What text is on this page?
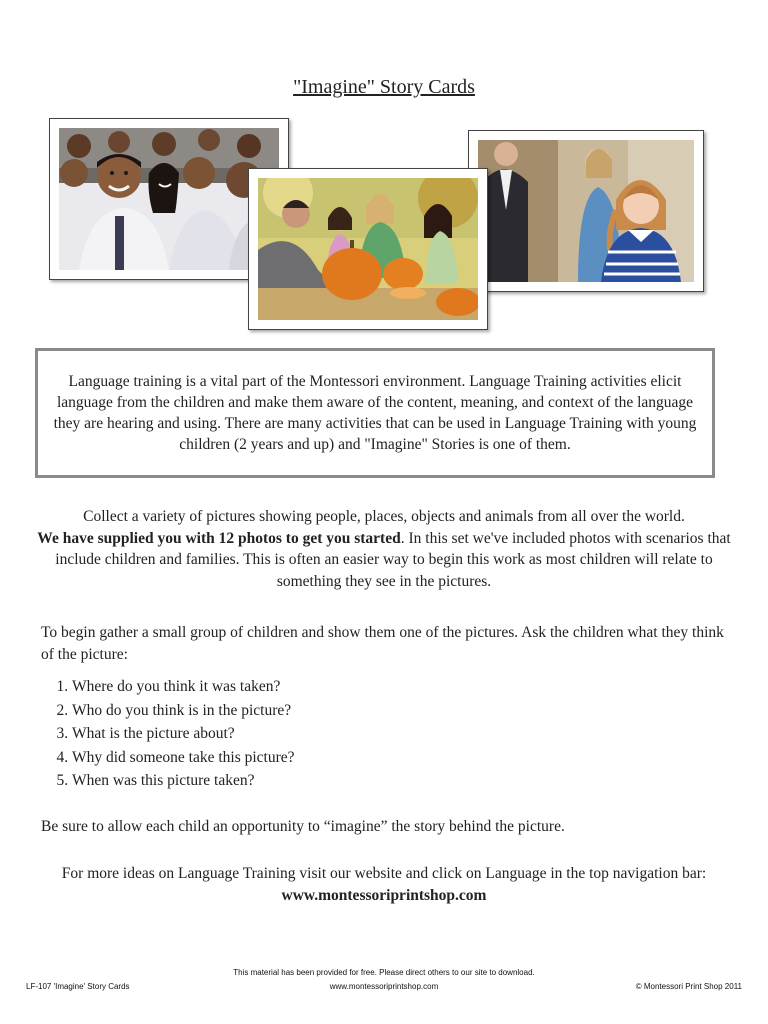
"Imagine" Story Cards
Language training is a vital part of the Montessori environment. Language Training activities elicit language from the children and make them aware of the content, meaning, and context of the language they are hearing and using. There are many activities that can be used in Language Training with young children (2 years and up) and "Imagine" Stories is one of them.
Collect a variety of pictures showing people, places, objects and animals from all over the world.
We have supplied you with 12 photos to get you started. In this set we've included photos with scenarios that include children and families. This is often an easier way to begin this work as most children will relate to something they see in the pictures.
To begin gather a small group of children and show them one of the pictures. Ask the children what they think of the picture:
1. Where do you think it was taken?
2. Who do you think is in the picture?
3. What is the picture about?
4. Why did someone take this picture?
5. When was this picture taken?
Be sure to allow each child an opportunity to “imagine” the story behind the picture.
For more ideas on Language Training visit our website and click on Language in the top navigation bar: www.montessoriprintshop.com
This material has been provided for free. Please direct others to our site to download.
LF-107 'Imagine' Story Cards	www.montessoriprintshop.com	© Montessori Print Shop 2011
